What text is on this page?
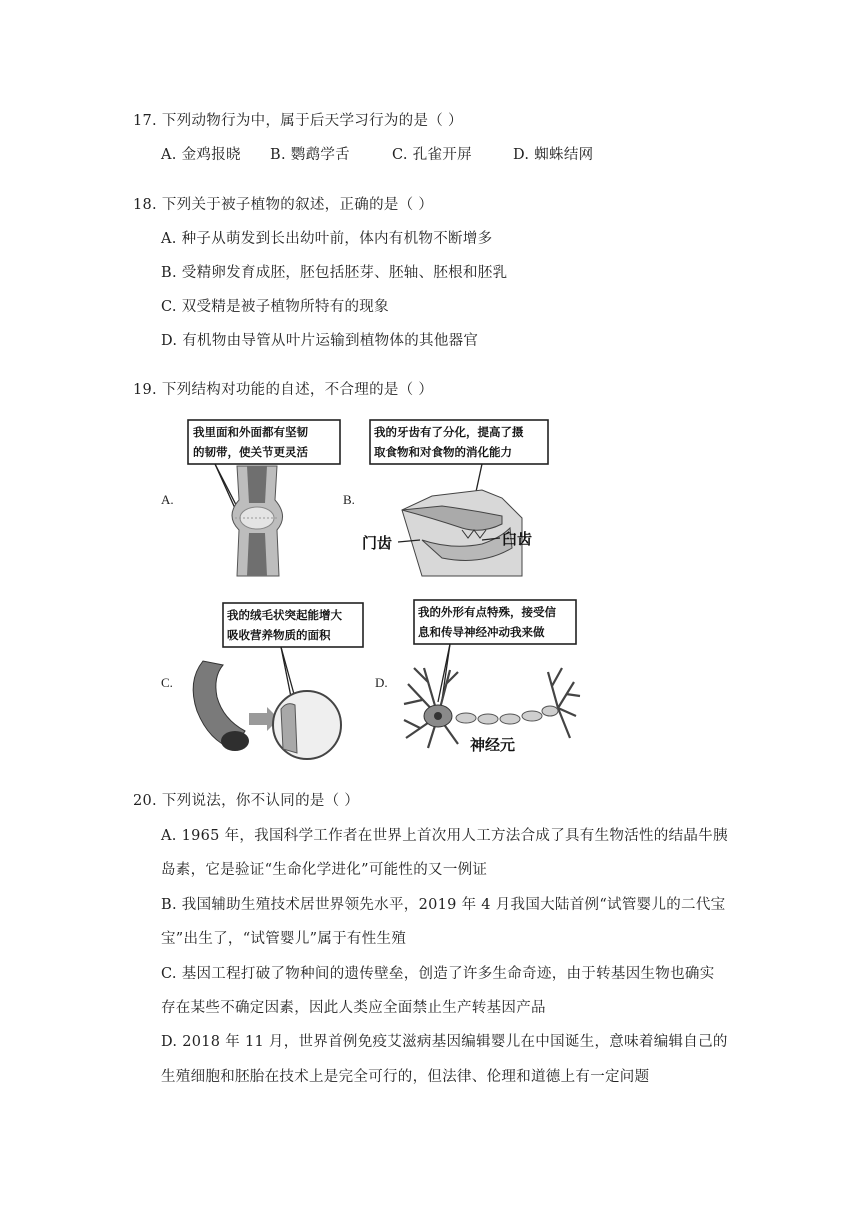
17. 下列动物行为中，属于后天学习行为的是（ ）
A. 金鸡报晓 B. 鹦鹉学舌	C. 孔雀开屏	D. 蜘蛛结网
18. 下列关于被子植物的叙述，正确的是（ ）
A. 种子从萌发到长出幼叶前，体内有机物不断增多
B. 受精卵发育成胚，胚包括胚芽、胚轴、胚根和胚乳
C. 双受精是被子植物所特有的现象
D. 有机物由导管从叶片运输到植物体的其他器官
19. 下列结构对功能的自述，不合理的是（ ）
A.	B.
C.	D.
我里面和外面都有坚韧
的韧带，使关节更灵活
我的牙齿有了分化，提高了摄
取食物和对食物的消化能力
门齿	臼齿
我的绒毛状突起能增大
吸收营养物质的面积
我的外形有点特殊，接受信
息和传导神经冲动我来做
神经元
20. 下列说法，你不认同的是（ ）
A. 1965 年，我国科学工作者在世界上首次用人工方法合成了具有生物活性的结晶牛胰
岛素，它是验证“生命化学进化”可能性的又一例证
B. 我国辅助生殖技术居世界领先水平，2019 年 4 月我国大陆首例“试管婴儿的二代宝
宝”出生了，“试管婴儿”属于有性生殖
C. 基因工程打破了物种间的遗传壁垒，创造了许多生命奇迹，由于转基因生物也确实
存在某些不确定因素，因此人类应全面禁止生产转基因产品
D. 2018 年 11 月，世界首例免疫艾滋病基因编辑婴儿在中国诞生，意味着编辑自己的
生殖细胞和胚胎在技术上是完全可行的，但法律、伦理和道德上有一定问题
